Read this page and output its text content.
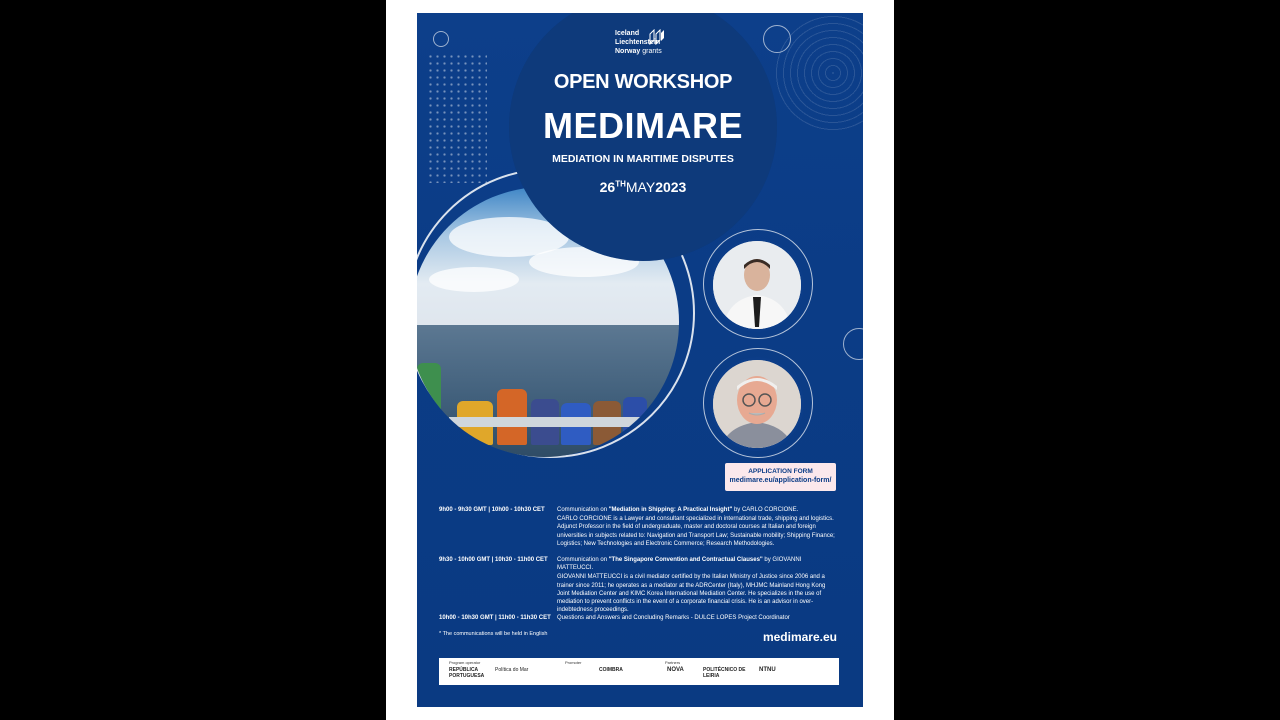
Iceland
Liechtenstein
Norway grants
OPEN WORKSHOP
MEDIMARE
MEDIATION IN MARITIME DISPUTES
26THMAY2023
APPLICATION FORM
medimare.eu/application-form/
9h00 - 9h30 GMT | 10h00 - 10h30 CET	Communication on "Mediation in Shipping: A Practical Insight" by CARLO CORCIONE.
CARLO CORCIONE is a Lawyer and consultant specialized in international trade, shipping and logistics. Adjunct Professor in the field of undergraduate, master and doctoral courses at Italian and foreign universities in subjects related to: Navigation and Transport Law; Sustainable mobility; Shipping Finance; Logistics; New Technologies and Electronic Commerce; Research Methodologies.
9h30 - 10h00 GMT | 10h30 - 11h00 CET	Communication on "The Singapore Convention and Contractual Clauses" by GIOVANNI MATTEUCCI.
GIOVANNI MATTEUCCI is a civil mediator certified by the Italian Ministry of Justice since 2006 and a trainer since 2011; he operates as a mediator at the ADRCenter (Italy), MHJMC Mainland Hong Kong Joint Mediation Center and KIMC Korea International Mediation Center. He specializes in the use of mediation to prevent conflicts in the event of a corporate financial crisis. He is an advisor in over-indebtedness proceedings.
10h00 - 10h30 GMT | 11h00 - 11h30 CET	Questions and Answers and Concluding Remarks - DULCE LOPES Project Coordinator
* The communications will be held in English	medimare.eu
Program operator	Promoter	Partners
REPÚBLICA PORTUGUESA
Política do Mar	COIMBRA	NOVA	POLITÉCNICO DE LEIRIA
NTNU
